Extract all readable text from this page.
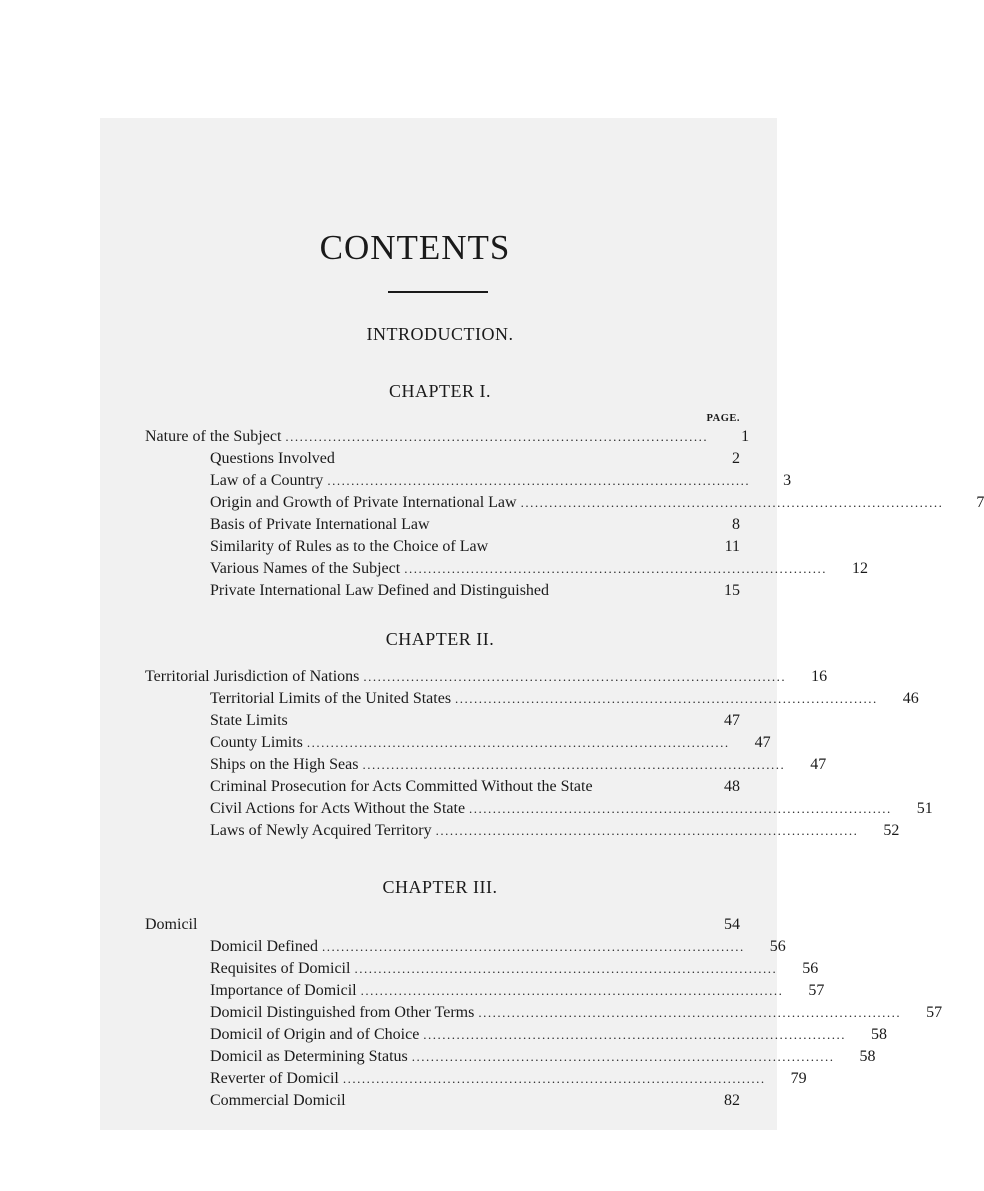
CONTENTS
INTRODUCTION.
CHAPTER I.
PAGE.
Nature of the Subject .........................................................................................	1
Questions Involved	2
Law of a Country .........................................................................................	3
Origin and Growth of Private International Law .........................................................................................	7
Basis of Private International Law	8
Similarity of Rules as to the Choice of Law	11
Various Names of the Subject .........................................................................................	12
Private International Law Defined and Distinguished	15
CHAPTER II.
Territorial Jurisdiction of Nations .........................................................................................	16
Territorial Limits of the United States .........................................................................................	46
State Limits	47
County Limits .........................................................................................	47
Ships on the High Seas .........................................................................................	47
Criminal Prosecution for Acts Committed Without the State	48
Civil Actions for Acts Without the State .........................................................................................	51
Laws of Newly Acquired Territory .........................................................................................	52
CHAPTER III.
Domicil	54
Domicil Defined .........................................................................................	56
Requisites of Domicil .........................................................................................	56
Importance of Domicil .........................................................................................	57
Domicil Distinguished from Other Terms .........................................................................................	57
Domicil of Origin and of Choice .........................................................................................	58
Domicil as Determining Status .........................................................................................	58
Reverter of Domicil .........................................................................................	79
Commercial Domicil	82
